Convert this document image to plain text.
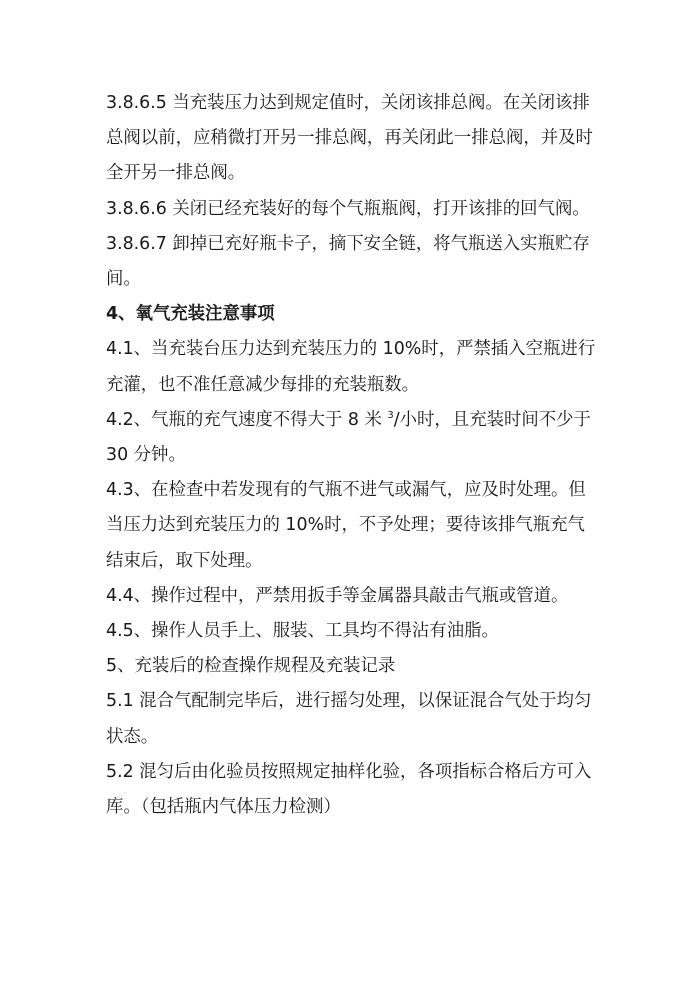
3.8.6.5 当充装压力达到规定值时，关闭该排总阀。在关闭该排总阀以前，应稍微打开另一排总阀，再关闭此一排总阀，并及时全开另一排总阀。

3.8.6.6 关闭已经充装好的每个气瓶瓶阀，打开该排的回气阀。

3.8.6.7 卸掉已充好瓶卡子，摘下安全链，将气瓶送入实瓶贮存间。

4、氧气充装注意事项

4.1、当充装台压力达到充装压力的 10%时，严禁插入空瓶进行充灌，也不准任意减少每排的充装瓶数。

4.2、气瓶的充气速度不得大于 8 米 $^3$/小时，且充装时间不少于 30 分钟。

4.3、在检查中若发现有的气瓶不进气或漏气，应及时处理。但当压力达到充装压力的 10%时，不予处理；要待该排气瓶充气结束后，取下处理。

4.4、操作过程中，严禁用扳手等金属器具敲击气瓶或管道。

4.5、操作人员手上、服装、工具均不得沾有油脂。

5、充装后的检查操作规程及充装记录

5.1 混合气配制完毕后，进行摇匀处理，以保证混合气处于均匀状态。

5.2 混匀后由化验员按照规定抽样化验，各项指标合格后方可入库。（包括瓶内气体压力检测）
